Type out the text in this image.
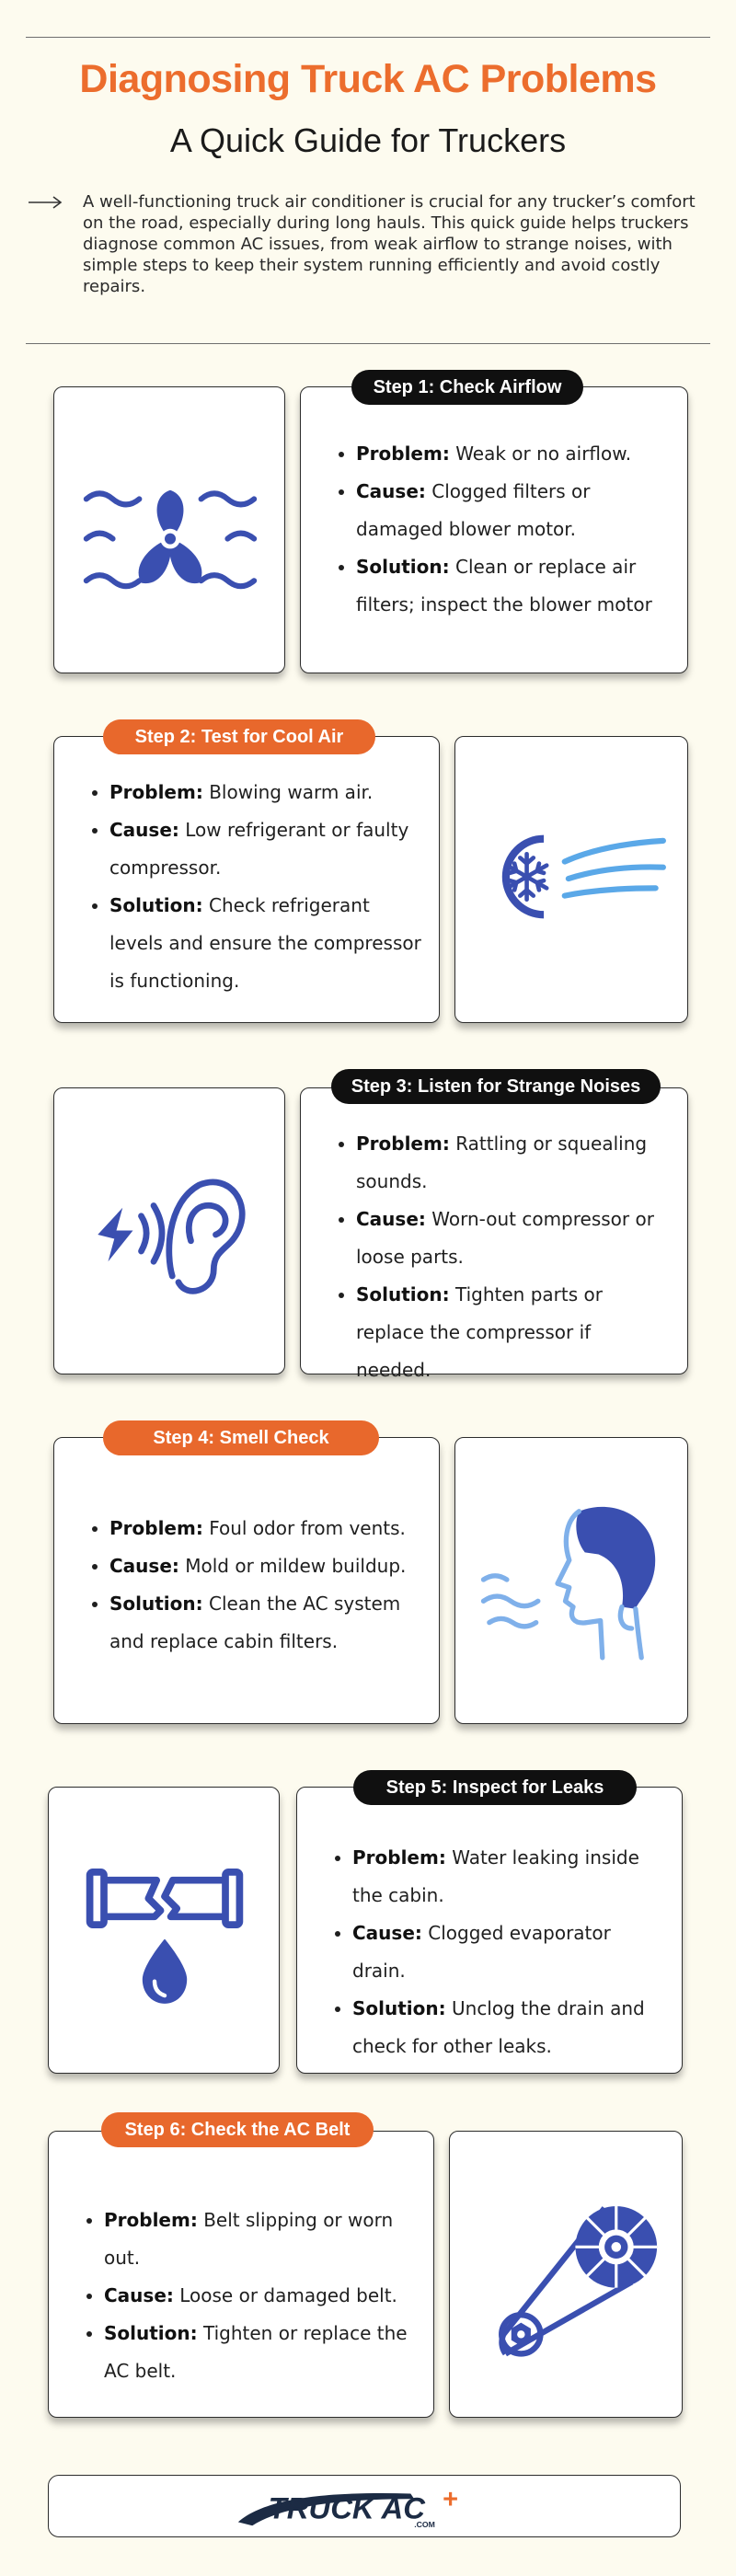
Diagnosing Truck AC Problems
A Quick Guide for Truckers

A well-functioning truck air conditioner is crucial for any trucker’s comfort on the road, especially during long hauls. This quick guide helps truckers diagnose common AC issues, from weak airflow to strange noises, with simple steps to keep their system running efficiently and avoid costly repairs.

• Problem: Weak or no airflow.
• Cause: Clogged filters or damaged blower motor.
• Solution: Clean or replace air filters; inspect the blower motor
Step 1: Check Airflow
• Problem: Blowing warm air.
• Cause: Low refrigerant or faulty compressor.
• Solution: Check refrigerant levels and ensure the compressor is functioning.
Step 2: Test for Cool Air
• Problem: Rattling or squealing sounds.
• Cause: Worn-out compressor or loose parts.
• Solution: Tighten parts or replace the compressor if needed.
Step 3: Listen for Strange Noises
• Problem: Foul odor from vents.
• Cause: Mold or mildew buildup.
• Solution: Clean the AC system and replace cabin filters.
Step 4: Smell Check
• Problem: Water leaking inside the cabin.
• Cause: Clogged evaporator drain.
• Solution: Unclog the drain and check for other leaks.
Step 5: Inspect for Leaks
• Problem: Belt slipping or worn out.
• Cause: Loose or damaged belt.
• Solution: Tighten or replace the AC belt.
Step 6: Check the AC Belt
TRUCK AC +
.COM
